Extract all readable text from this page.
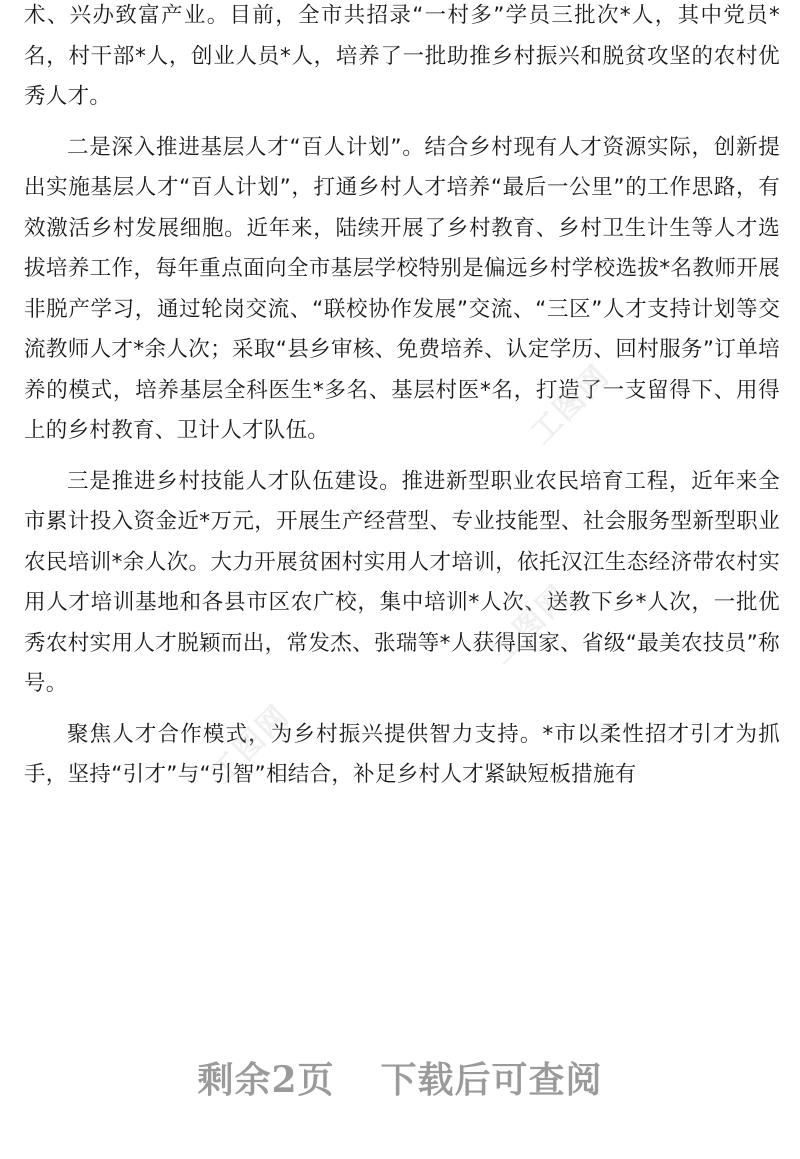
术、兴办致富产业。目前，全市共招录“一村多”学员三批次*人，其中党员*名，村干部*人，创业人员*人，培养了一批助推乡村振兴和脱贫攻坚的农村优秀人才。

二是深入推进基层人才“百人计划”。结合乡村现有人才资源实际，创新提出实施基层人才“百人计划”，打通乡村人才培养“最后一公里”的工作思路，有效激活乡村发展细胞。近年来，陆续开展了乡村教育、乡村卫生计生等人才选拔培养工作，每年重点面向全市基层学校特别是偏远乡村学校选拔*名教师开展非脱产学习，通过轮岗交流、“联校协作发展”交流、“三区”人才支持计划等交流教师人才*余人次；采取“县乡审核、免费培养、认定学历、回村服务”订单培养的模式，培养基层全科医生*多名、基层村医*名，打造了一支留得下、用得上的乡村教育、卫计人才队伍。

三是推进乡村技能人才队伍建设。推进新型职业农民培育工程，近年来全市累计投入资金近*万元，开展生产经营型、专业技能型、社会服务型新型职业农民培训*余人次。大力开展贫困村实用人才培训，依托汉江生态经济带农村实用人才培训基地和各县市区农广校，集中培训*人次、送教下乡*人次，一批优秀农村实用人才脱颖而出，常发杰、张瑞等*人获得国家、省级“最美农技员”称号。

聚焦人才合作模式，为乡村振兴提供智力支持。*市以柔性招才引才为抓手，坚持“引才”与“引智”相结合，补足乡村人才紧缺短板措施有

工图网
工图网
工图网
剩余2页 下载后可查阅
